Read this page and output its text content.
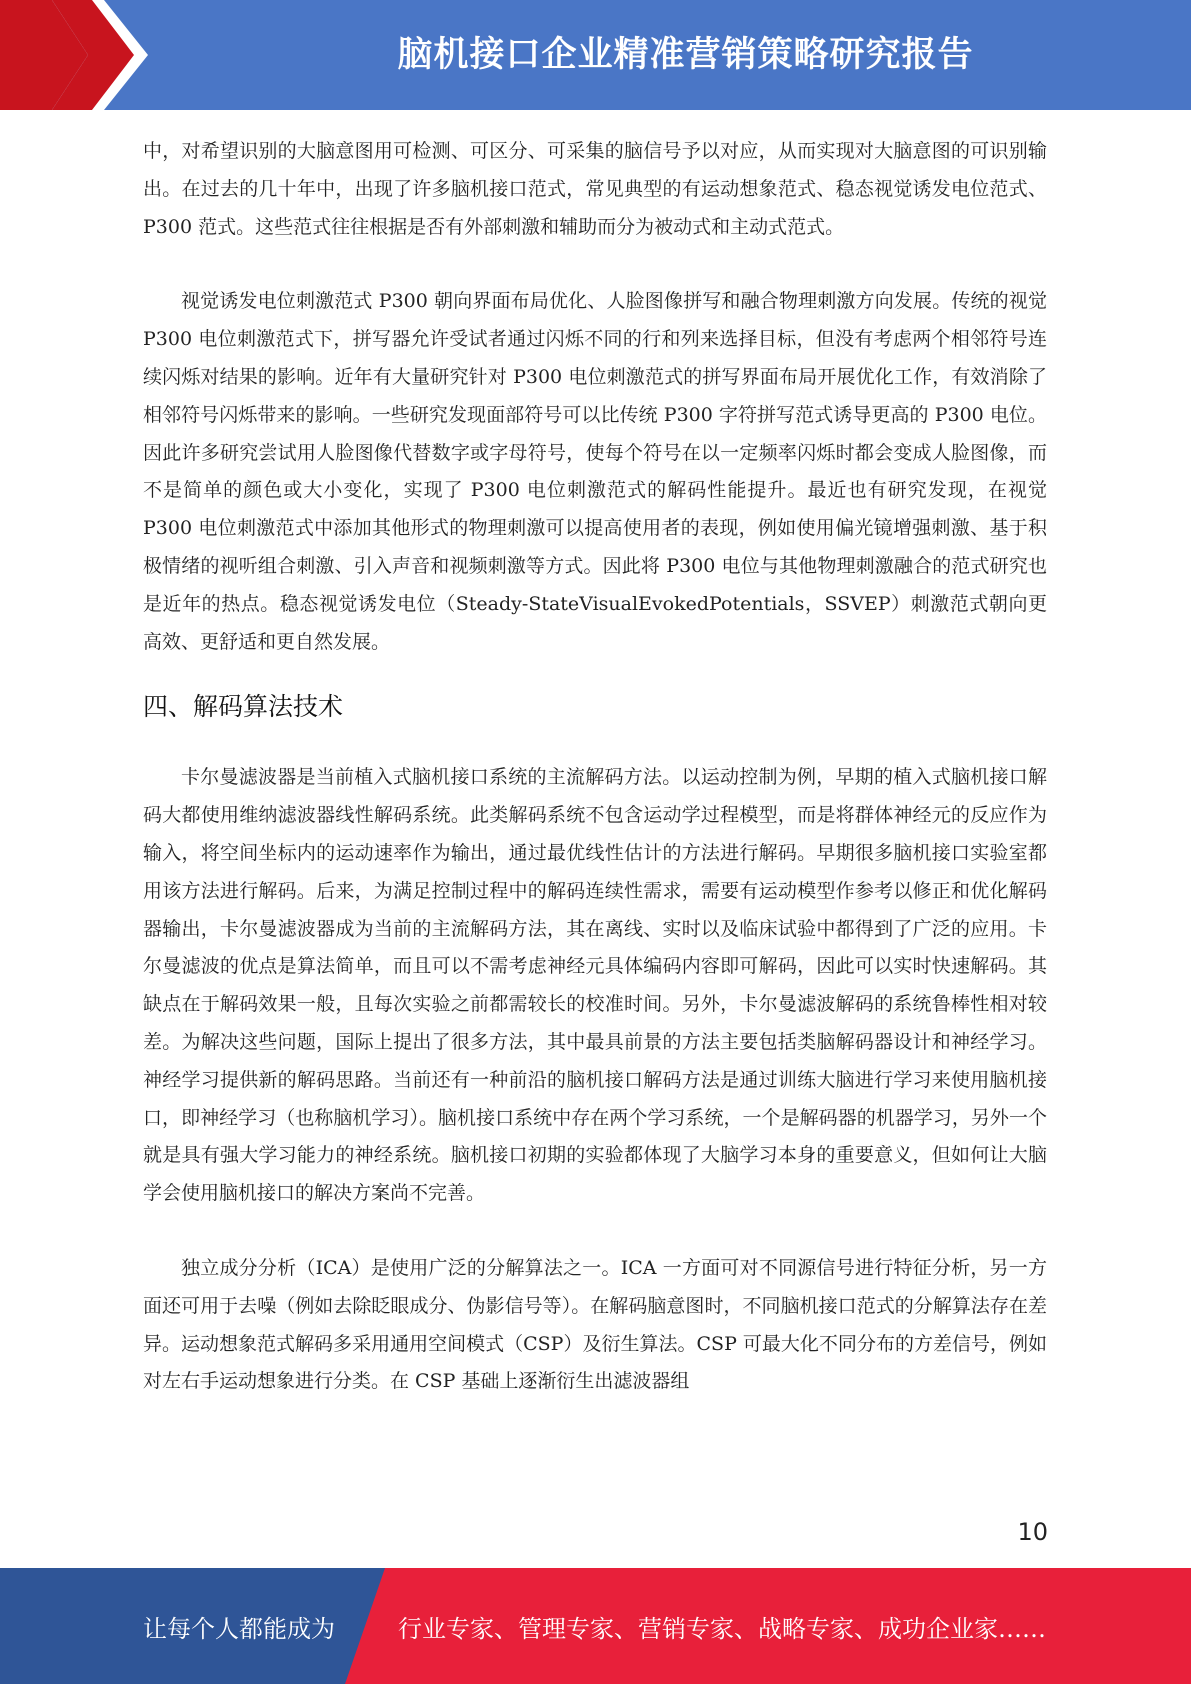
脑机接口企业精准营销策略研究报告

中，对希望识别的大脑意图用可检测、可区分、可采集的脑信号予以对应，从而实现对大脑意图的可识别输出。在过去的几十年中，出现了许多脑机接口范式，常见典型的有运动想象范式、稳态视觉诱发电位范式、P300 范式。这些范式往往根据是否有外部刺激和辅助而分为被动式和主动式范式。

视觉诱发电位刺激范式 P300 朝向界面布局优化、人脸图像拼写和融合物理刺激方向发展。传统的视觉 P300 电位刺激范式下，拼写器允许受试者通过闪烁不同的行和列来选择目标，但没有考虑两个相邻符号连续闪烁对结果的影响。近年有大量研究针对 P300 电位刺激范式的拼写界面布局开展优化工作，有效消除了相邻符号闪烁带来的影响。一些研究发现面部符号可以比传统 P300 字符拼写范式诱导更高的 P300 电位。因此许多研究尝试用人脸图像代替数字或字母符号，使每个符号在以一定频率闪烁时都会变成人脸图像，而不是简单的颜色或大小变化，实现了 P300 电位刺激范式的解码性能提升。最近也有研究发现，在视觉 P300 电位刺激范式中添加其他形式的物理刺激可以提高使用者的表现，例如使用偏光镜增强刺激、基于积极情绪的视听组合刺激、引入声音和视频刺激等方式。因此将 P300 电位与其他物理刺激融合的范式研究也是近年的热点。稳态视觉诱发电位（Steady-StateVisualEvokedPotentials，SSVEP）刺激范式朝向更高效、更舒适和更自然发展。

四、解码算法技术

卡尔曼滤波器是当前植入式脑机接口系统的主流解码方法。以运动控制为例，早期的植入式脑机接口解码大都使用维纳滤波器线性解码系统。此类解码系统不包含运动学过程模型，而是将群体神经元的反应作为输入，将空间坐标内的运动速率作为输出，通过最优线性估计的方法进行解码。早期很多脑机接口实验室都用该方法进行解码。后来，为满足控制过程中的解码连续性需求，需要有运动模型作参考以修正和优化解码器输出，卡尔曼滤波器成为当前的主流解码方法，其在离线、实时以及临床试验中都得到了广泛的应用。卡尔曼滤波的优点是算法简单，而且可以不需考虑神经元具体编码内容即可解码，因此可以实时快速解码。其缺点在于解码效果一般，且每次实验之前都需较长的校准时间。另外，卡尔曼滤波解码的系统鲁棒性相对较差。为解决这些问题，国际上提出了很多方法，其中最具前景的方法主要包括类脑解码器设计和神经学习。神经学习提供新的解码思路。当前还有一种前沿的脑机接口解码方法是通过训练大脑进行学习来使用脑机接口，即神经学习（也称脑机学习）。脑机接口系统中存在两个学习系统，一个是解码器的机器学习，另外一个就是具有强大学习能力的神经系统。脑机接口初期的实验都体现了大脑学习本身的重要意义，但如何让大脑学会使用脑机接口的解决方案尚不完善。

独立成分分析（ICA）是使用广泛的分解算法之一。ICA 一方面可对不同源信号进行特征分析，另一方面还可用于去噪（例如去除眨眼成分、伪影信号等）。在解码脑意图时，不同脑机接口范式的分解算法存在差异。运动想象范式解码多采用通用空间模式（CSP）及衍生算法。CSP 可最大化不同分布的方差信号，例如对左右手运动想象进行分类。在 CSP 基础上逐渐衍生出滤波器组

10
让每个人都能成为	行业专家、管理专家、营销专家、战略专家、成功企业家……
